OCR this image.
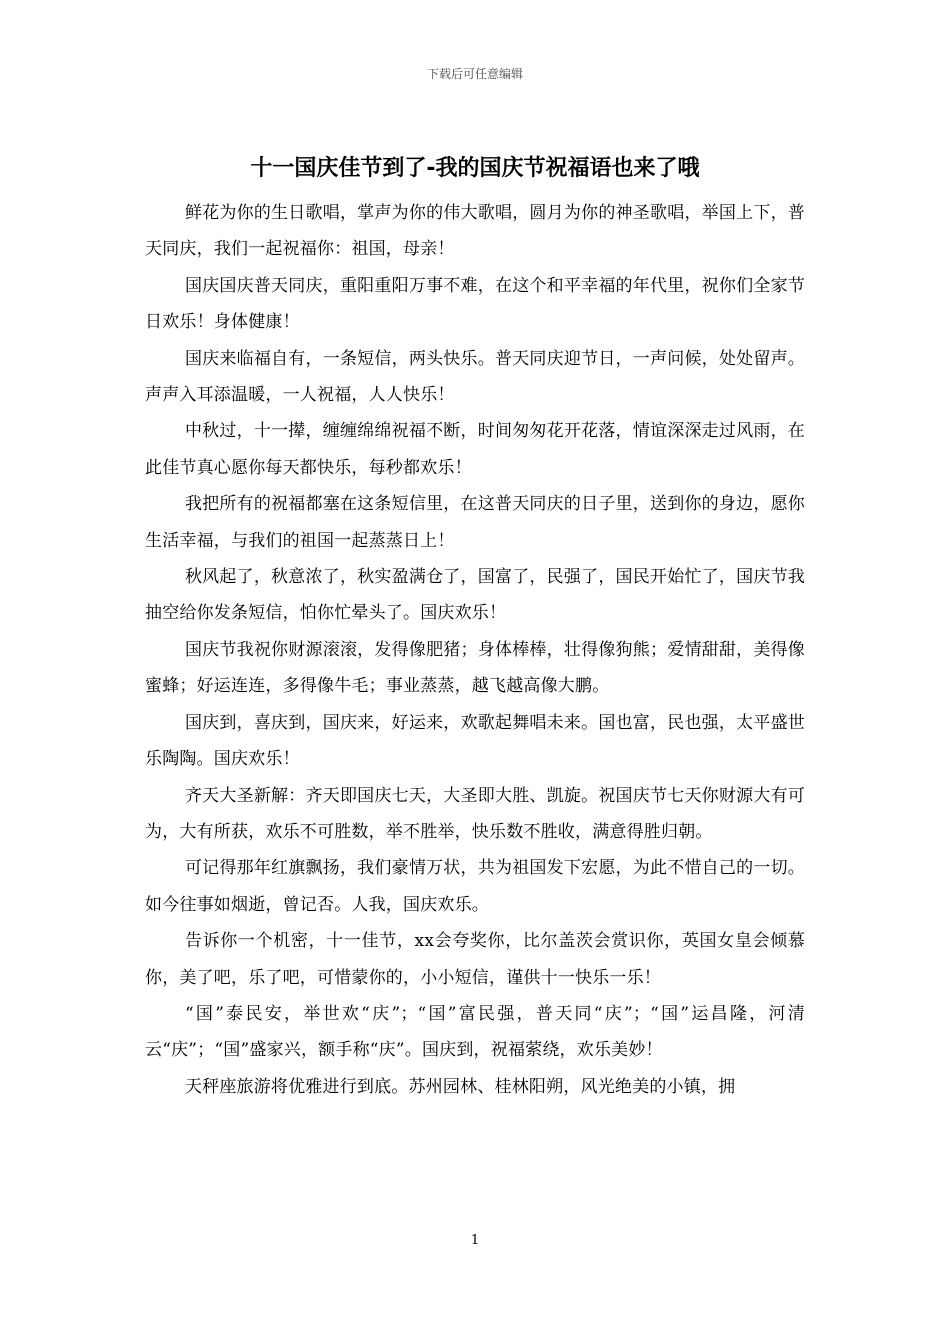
下载后可任意编辑
十一国庆佳节到了-我的国庆节祝福语也来了哦

鲜花为你的生日歌唱，掌声为你的伟大歌唱，圆月为你的神圣歌唱，举国上下，普天同庆，我们一起祝福你：祖国，母亲！

国庆国庆普天同庆，重阳重阳万事不难，在这个和平幸福的年代里，祝你们全家节日欢乐！身体健康！

国庆来临福自有，一条短信，两头快乐。普天同庆迎节日，一声问候，处处留声。声声入耳添温暖，一人祝福，人人快乐！

中秋过，十一撵，缠缠绵绵祝福不断，时间匆匆花开花落，情谊深深走过风雨，在此佳节真心愿你每天都快乐，每秒都欢乐！

我把所有的祝福都塞在这条短信里，在这普天同庆的日子里，送到你的身边，愿你生活幸福，与我们的祖国一起蒸蒸日上！

秋风起了，秋意浓了，秋实盈满仓了，国富了，民强了，国民开始忙了，国庆节我抽空给你发条短信，怕你忙晕头了。国庆欢乐！

国庆节我祝你财源滚滚，发得像肥猪；身体棒棒，壮得像狗熊；爱情甜甜，美得像蜜蜂；好运连连，多得像牛毛；事业蒸蒸，越飞越高像大鹏。

国庆到，喜庆到，国庆来，好运来，欢歌起舞唱未来。国也富，民也强，太平盛世乐陶陶。国庆欢乐！

齐天大圣新解：齐天即国庆七天，大圣即大胜、凯旋。祝国庆节七天你财源大有可为，大有所获，欢乐不可胜数，举不胜举，快乐数不胜收，满意得胜归朝。

可记得那年红旗飘扬，我们豪情万状，共为祖国发下宏愿，为此不惜自己的一切。如今往事如烟逝，曾记否。人我，国庆欢乐。

告诉你一个机密，十一佳节，xx会夸奖你，比尔盖茨会赏识你，英国女皇会倾慕你，美了吧，乐了吧，可惜蒙你的，小小短信，谨供十一快乐一乐！

“国”泰民安，举世欢“庆”；“国”富民强，普天同“庆”；“国”运昌隆，河清云“庆”；“国”盛家兴，额手称“庆”。国庆到，祝福萦绕，欢乐美妙！

天秤座旅游将优雅进行到底。苏州园林、桂林阳朔，风光绝美的小镇，拥

1
